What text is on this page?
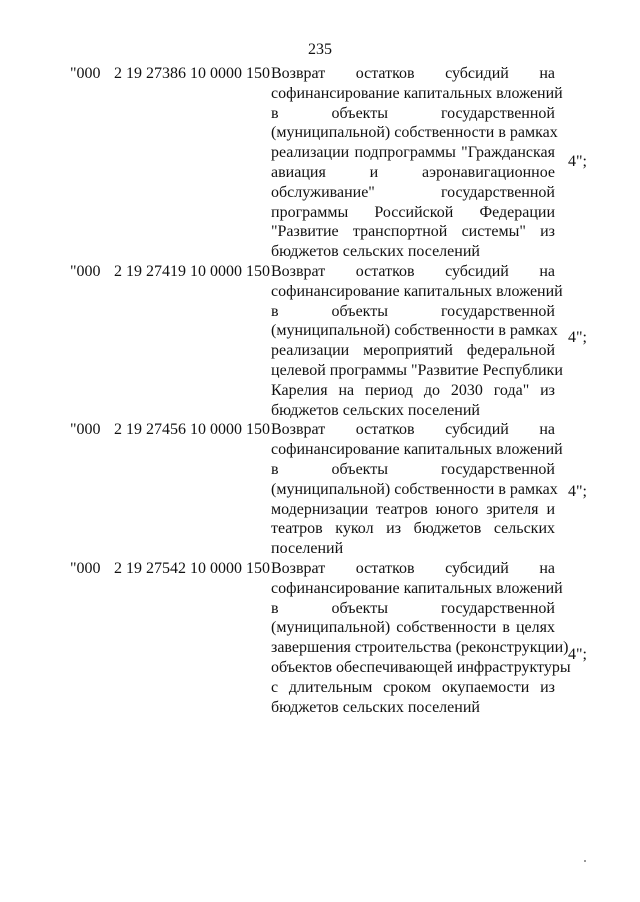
235
"000 2 19 27386 10 0000 150 Возврат остатков субсидий на
софинансирование капитальных вложений
в объекты государственной
(муниципальной) собственности в рамках
реализации подпрограммы "Гражданская
авиация и аэронавигационное
обслуживание" государственной
программы Российской Федерации
"Развитие транспортной системы" из
бюджетов сельских поселений
4";
"000 2 19 27419 10 0000 150 Возврат остатков субсидий на
софинансирование капитальных вложений
в объекты государственной
(муниципальной) собственности в рамках
реализации мероприятий федеральной
целевой программы "Развитие Республики
Карелия на период до 2030 года" из
бюджетов сельских поселений
4";
"000 2 19 27456 10 0000 150 Возврат остатков субсидий на
софинансирование капитальных вложений
в объекты государственной
(муниципальной) собственности в рамках
модернизации театров юного зрителя и
театров кукол из бюджетов сельских
поселений
4";
"000 2 19 27542 10 0000 150 Возврат остатков субсидий на
софинансирование капитальных вложений
в объекты государственной
(муниципальной) собственности в целях
завершения строительства (реконструкции)
объектов обеспечивающей инфраструктуры
с длительным сроком окупаемости из
бюджетов сельских поселений
4";
